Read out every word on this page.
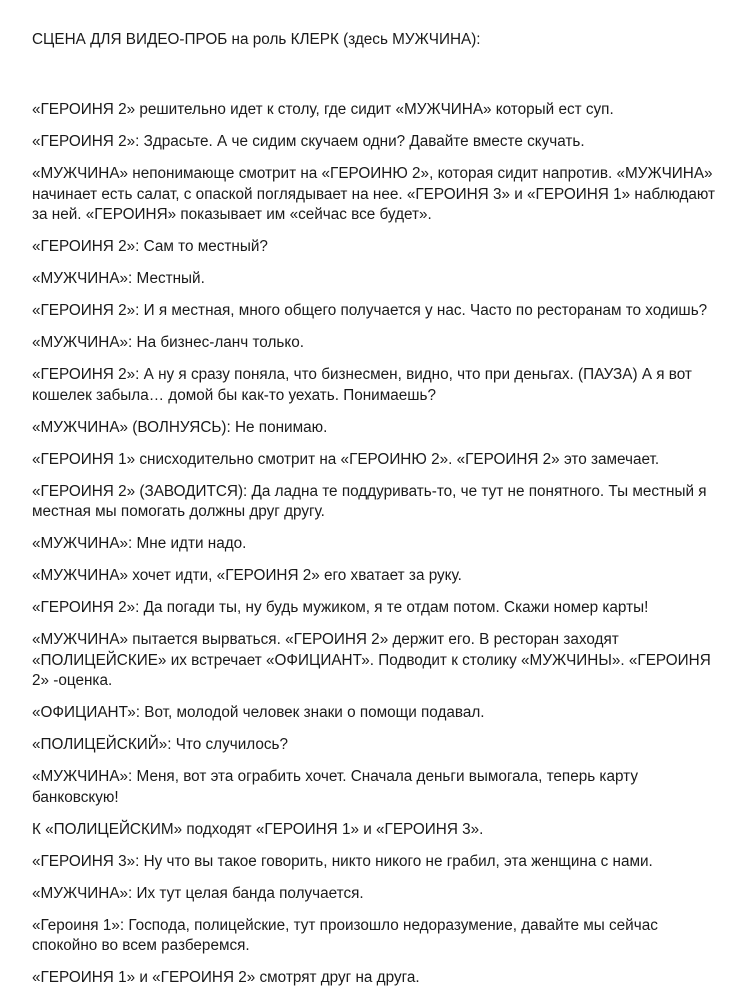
СЦЕНА ДЛЯ ВИДЕО-ПРОБ на роль КЛЕРК (здесь МУЖЧИНА):

«ГЕРОИНЯ 2» решительно идет к столу, где сидит «МУЖЧИНА» который ест суп.

«ГЕРОИНЯ 2»: Здрасьте. А че сидим скучаем одни? Давайте вместе скучать.

«МУЖЧИНА» непонимающе смотрит на «ГЕРОИНЮ 2», которая сидит напротив. «МУЖЧИНА» начинает есть салат, с опаской поглядывает на нее. «ГЕРОИНЯ 3» и «ГЕРОИНЯ 1» наблюдают за ней. «ГЕРОИНЯ» показывает им «сейчас все будет».

«ГЕРОИНЯ 2»: Сам то местный?

«МУЖЧИНА»: Местный.

«ГЕРОИНЯ 2»: И я местная, много общего получается у нас. Часто по ресторанам то ходишь?

«МУЖЧИНА»: На бизнес-ланч только.

«ГЕРОИНЯ 2»: А ну я сразу поняла, что бизнесмен, видно, что при деньгах. (ПАУЗА) А я вот кошелек забыла… домой бы как-то уехать. Понимаешь?

«МУЖЧИНА» (ВОЛНУЯСЬ): Не понимаю.

«ГЕРОИНЯ 1» снисходительно смотрит на «ГЕРОИНЮ 2». «ГЕРОИНЯ 2» это замечает.

«ГЕРОИНЯ 2» (ЗАВОДИТСЯ): Да ладна те поддуривать-то, че тут не понятного. Ты местный я местная мы помогать должны друг другу.

«МУЖЧИНА»: Мне идти надо.

«МУЖЧИНА» хочет идти, «ГЕРОИНЯ 2» его хватает за руку.

«ГЕРОИНЯ 2»: Да погади ты, ну будь мужиком, я те отдам потом. Скажи номер карты!

«МУЖЧИНА» пытается вырваться. «ГЕРОИНЯ 2» держит его. В ресторан заходят «ПОЛИЦЕЙСКИЕ» их встречает «ОФИЦИАНТ». Подводит к столику «МУЖЧИНЫ». «ГЕРОИНЯ 2» -оценка.

«ОФИЦИАНТ»: Вот, молодой человек знаки о помощи подавал.

«ПОЛИЦЕЙСКИЙ»: Что случилось?

«МУЖЧИНА»: Меня, вот эта ограбить хочет. Сначала деньги вымогала, теперь карту банковскую!

К «ПОЛИЦЕЙСКИМ» подходят «ГЕРОИНЯ 1» и «ГЕРОИНЯ 3».

«ГЕРОИНЯ 3»: Ну что вы такое говорить, никто никого не грабил, эта женщина с нами.

«МУЖЧИНА»: Их тут целая банда получается.

«Героиня 1»: Господа, полицейские, тут произошло недоразумение, давайте мы сейчас спокойно во всем разберемся.

«ГЕРОИНЯ 1» и «ГЕРОИНЯ 2» смотрят друг на друга.
